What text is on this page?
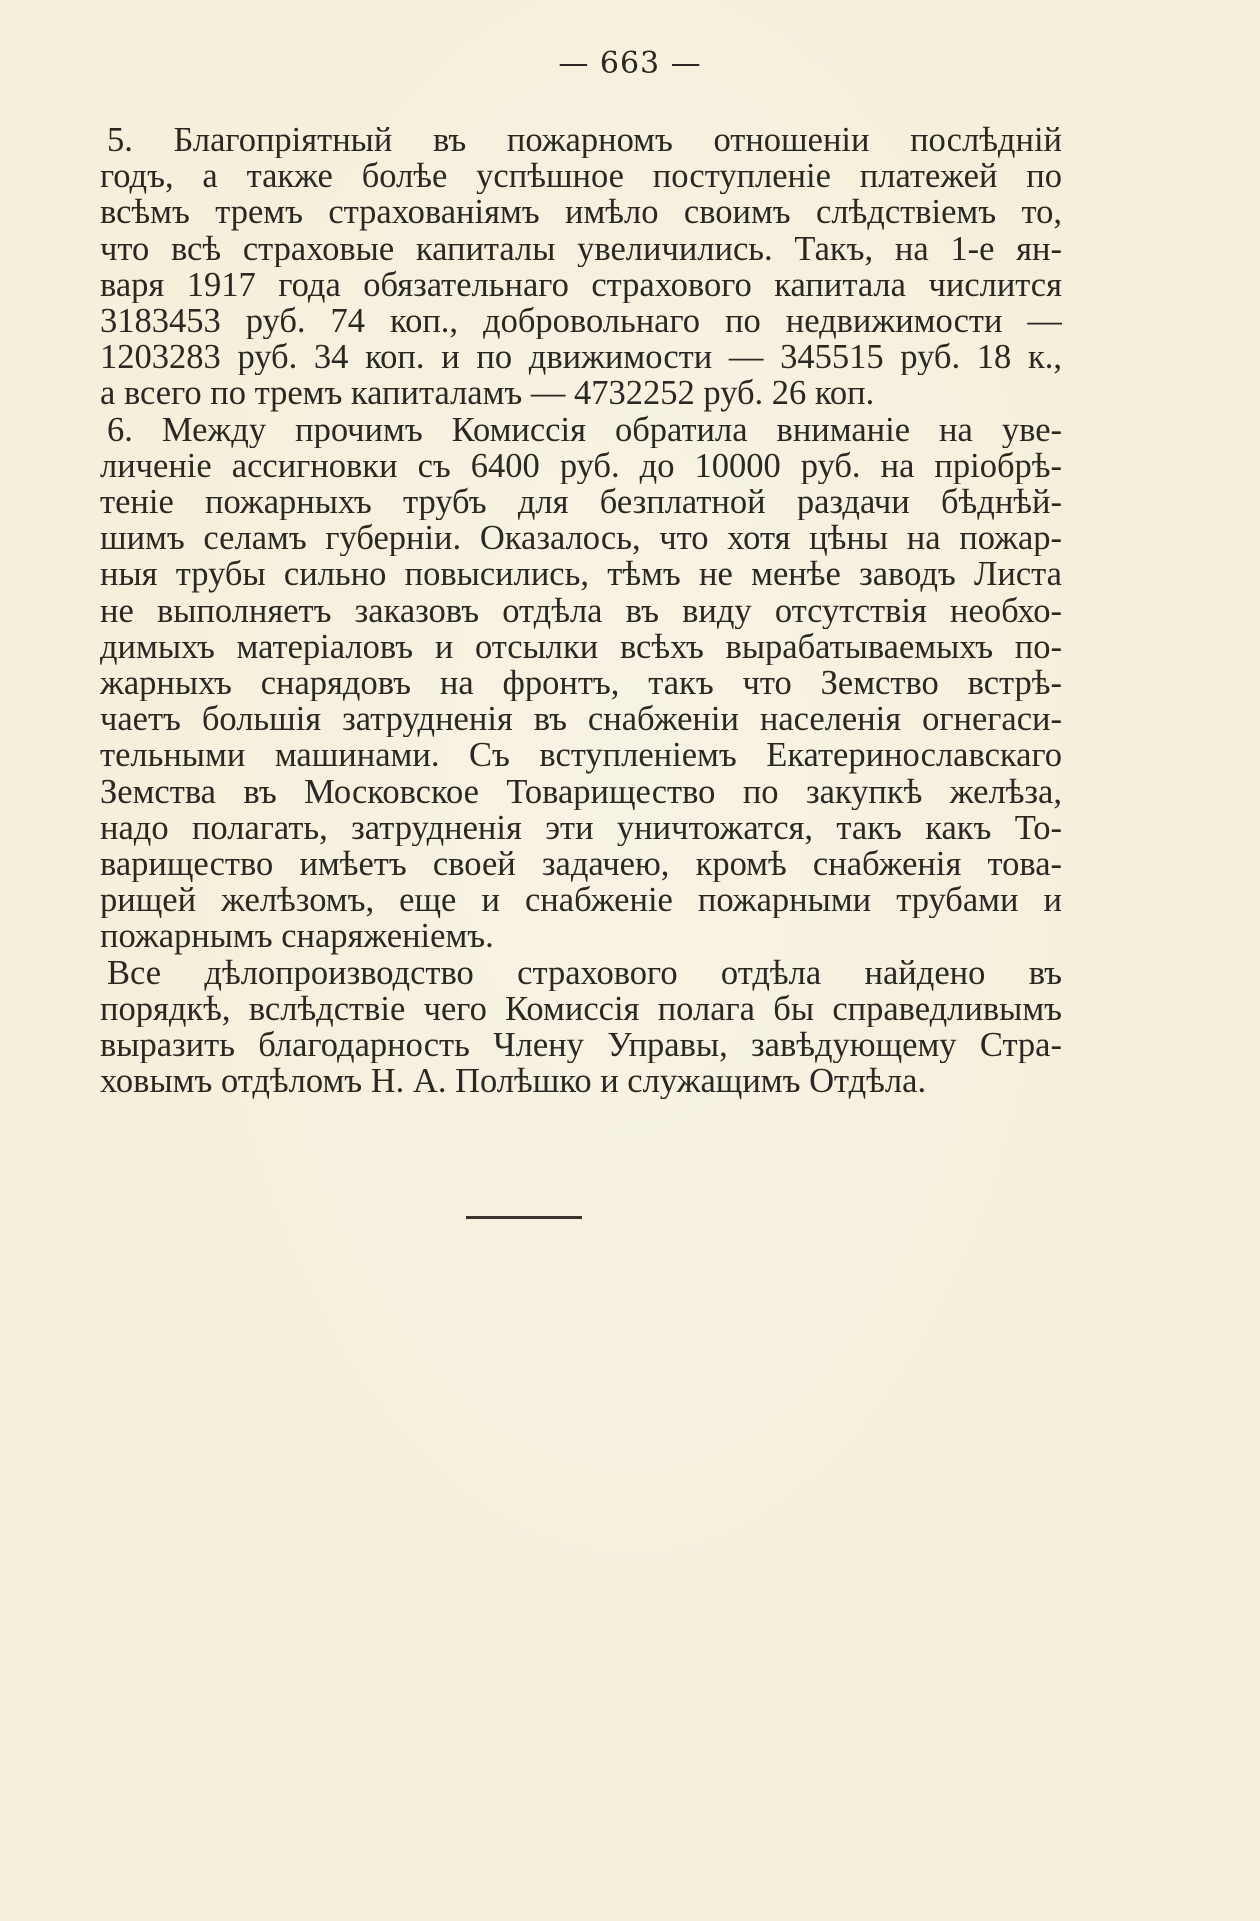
— 663 —
5. Благопріятный въ пожарномъ отношеніи послѣдній
годъ, а также болѣе успѣшное поступленіе платежей по
всѣмъ тремъ страхованіямъ имѣло своимъ слѣдствіемъ то,
что всѣ страховые капиталы увеличились. Такъ, на 1-е ян-
варя 1917 года обязательнаго страхового капитала числится
3183453 руб. 74 коп., добровольнаго по недвижимости —
1203283 руб. 34 коп. и по движимости — 345515 руб. 18 к.,
а всего по тремъ капиталамъ — 4732252 руб. 26 коп.
6. Между прочимъ Комиссія обратила вниманіе на уве-
личеніе ассигновки съ 6400 руб. до 10000 руб. на пріобрѣ-
теніе пожарныхъ трубъ для безплатной раздачи бѣднѣй-
шимъ селамъ губерніи. Оказалось, что хотя цѣны на пожар-
ныя трубы сильно повысились, тѣмъ не менѣе заводъ Листа
не выполняетъ заказовъ отдѣла въ виду отсутствія необхо-
димыхъ матеріаловъ и отсылки всѣхъ вырабатываемыхъ по-
жарныхъ снарядовъ на фронтъ, такъ что Земство встрѣ-
чаетъ большія затрудненія въ снабженіи населенія огнегаси-
тельными машинами. Съ вступленіемъ Екатеринославскаго
Земства въ Московское Товарищество по закупкѣ желѣза,
надо полагать, затрудненія эти уничтожатся, такъ какъ То-
варищество имѣетъ своей задачею, кромѣ снабженія това-
рищей желѣзомъ, еще и снабженіе пожарными трубами и
пожарнымъ снаряженіемъ.
Все дѣлопроизводство страхового отдѣла найдено въ
порядкѣ, вслѣдствіе чего Комиссія полага бы справедливымъ
выразить благодарность Члену Управы, завѣдующему Стра-
ховымъ отдѣломъ Н. А. Полѣшко и служащимъ Отдѣла.
